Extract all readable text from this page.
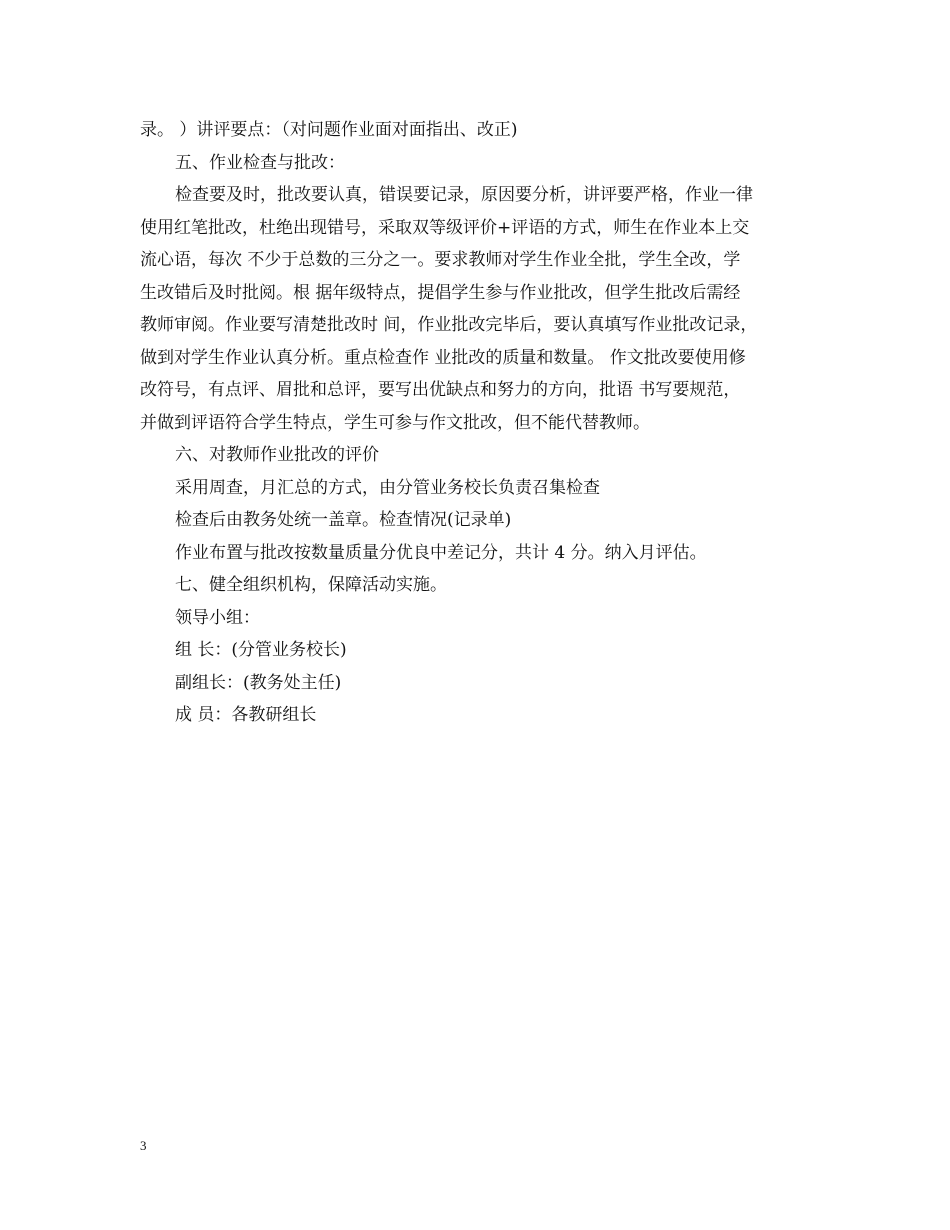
录。 ）讲评要点：（对问题作业面对面指出、改正)
五、作业检查与批改：
检查要及时，批改要认真，错误要记录，原因要分析，讲评要严格，作业一律
使用红笔批改，杜绝出现错号，采取双等级评价+评语的方式，师生在作业本上交
流心语，每次 不少于总数的三分之一。要求教师对学生作业全批，学生全改，学
生改错后及时批阅。根 据年级特点，提倡学生参与作业批改，但学生批改后需经
教师审阅。作业要写清楚批改时 间，作业批改完毕后，要认真填写作业批改记录，
做到对学生作业认真分析。重点检查作 业批改的质量和数量。 作文批改要使用修
改符号，有点评、眉批和总评，要写出优缺点和努力的方向，批语 书写要规范，
并做到评语符合学生特点，学生可参与作文批改，但不能代替教师。
六、对教师作业批改的评价
采用周查，月汇总的方式，由分管业务校长负责召集检查
检查后由教务处统一盖章。检查情况(记录单)
作业布置与批改按数量质量分优良中差记分，共计 4 分。纳入月评估。
七、健全组织机构，保障活动实施。
领导小组：
组 长：(分管业务校长)
副组长：(教务处主任)
成 员：各教研组长
3
